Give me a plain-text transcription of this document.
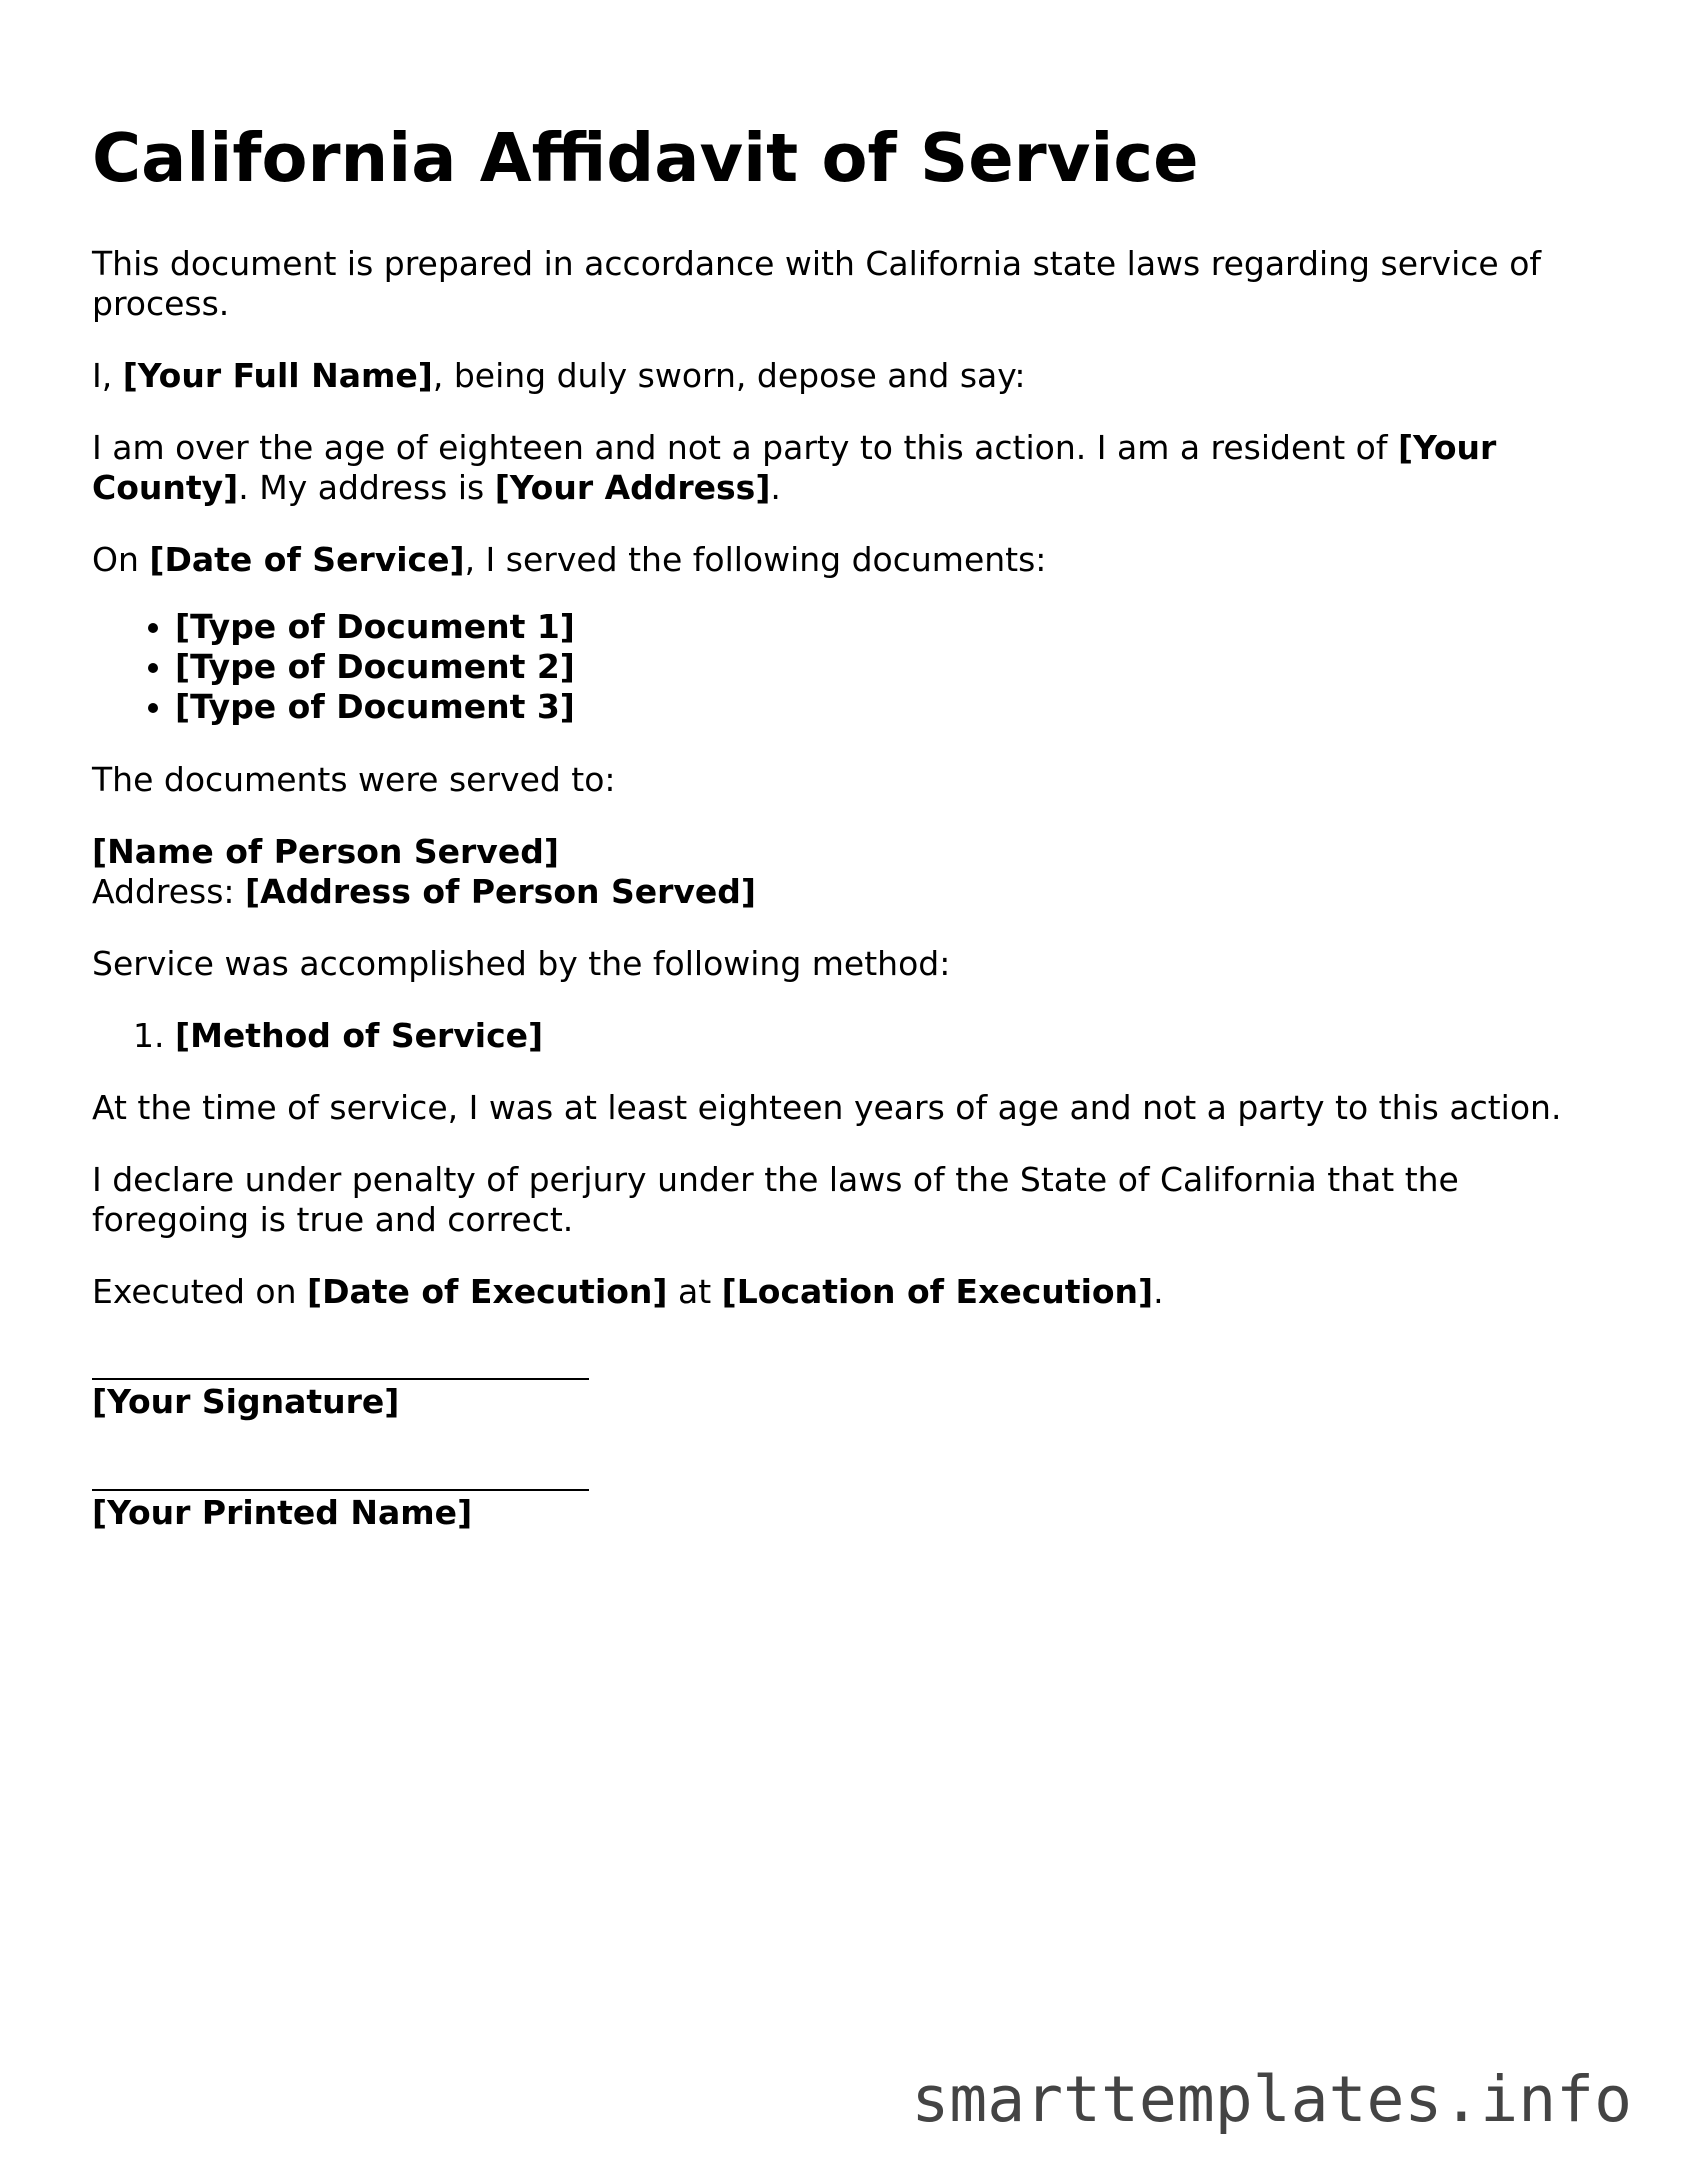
California Affidavit of Service

This document is prepared in accordance with California state laws regarding service of process.

I, [Your Full Name], being duly sworn, depose and say:

I am over the age of eighteen and not a party to this action. I am a resident of [Your County]. My address is [Your Address].

On [Date of Service], I served the following documents:

• [Type of Document 1]
• [Type of Document 2]
• [Type of Document 3]

The documents were served to:

[Name of Person Served]
Address: [Address of Person Served]

Service was accomplished by the following method:

1. [Method of Service]

At the time of service, I was at least eighteen years of age and not a party to this action.

I declare under penalty of perjury under the laws of the State of California that the foregoing is true and correct.

Executed on [Date of Execution] at [Location of Execution].

[Your Signature]
[Your Printed Name]
smarttemplates.info
